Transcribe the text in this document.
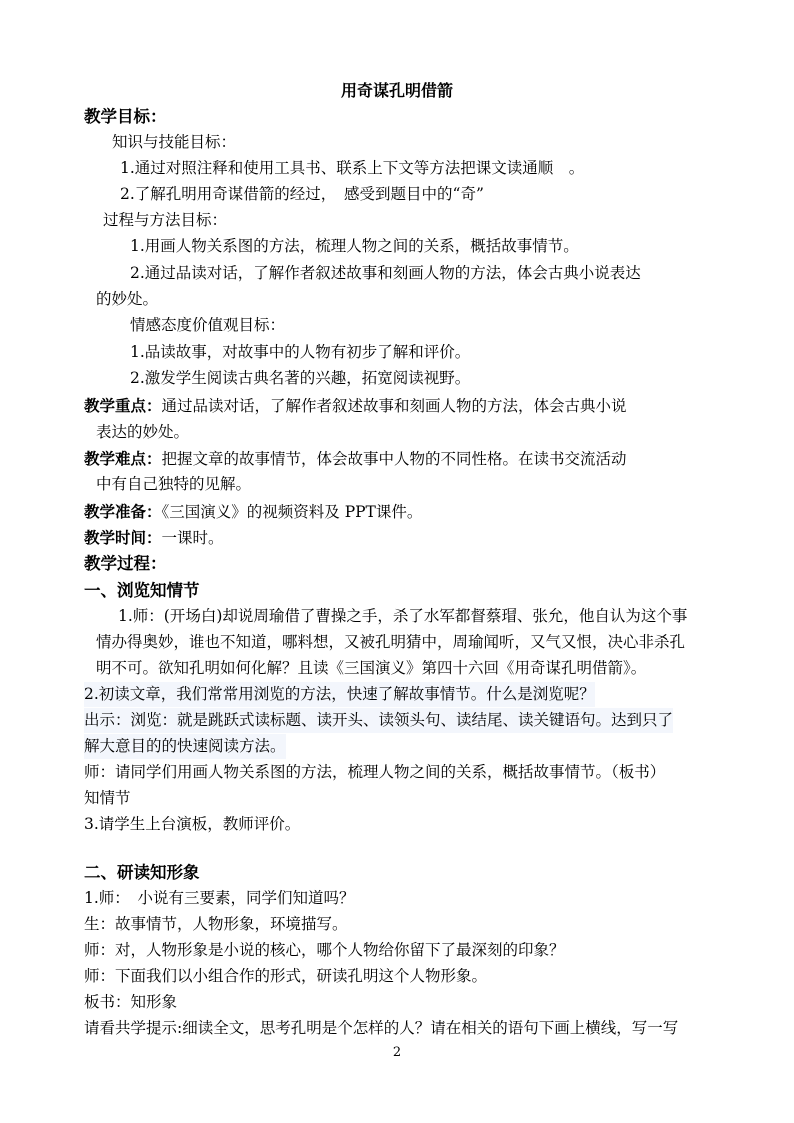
用奇谋孔明借箭
教学目标：
知识与技能目标：
1.通过对照注释和使用工具书、联系上下文等方法把课文读通顺　。
2.了解孔明用奇谋借箭的经过，　感受到题目中的“奇”
过程与方法目标：
1.用画人物关系图的方法，梳理人物之间的关系，概括故事情节。
2.通过品读对话，了解作者叙述故事和刻画人物的方法，体会古典小说表达
的妙处。
情感态度价值观目标：
1.品读故事，对故事中的人物有初步了解和评价。
2.激发学生阅读古典名著的兴趣，拓宽阅读视野。
教学重点：通过品读对话，了解作者叙述故事和刻画人物的方法，体会古典小说
表达的妙处。
教学难点：把握文章的故事情节，体会故事中人物的不同性格。在读书交流活动
中有自己独特的见解。
教学准备：《三国演义》的视频资料及 PPT课件。
教学时间：一课时。
教学过程：
一、浏览知情节
1.师：(开场白)却说周瑜借了曹操之手，杀了水军都督蔡瑁、张允，他自认为这个事
情办得奥妙，谁也不知道，哪料想，又被孔明猜中，周瑜闻听，又气又恨，决心非杀孔
明不可。欲知孔明如何化解？且读《三国演义》第四十六回《用奇谋孔明借箭》。
2.初读文章，我们常常用浏览的方法，快速了解故事情节。什么是浏览呢？
出示：浏览：就是跳跃式读标题、读开头、读领头句、读结尾、读关键语句。达到只了
解大意目的的快速阅读方法。
师：请同学们用画人物关系图的方法，梳理人物之间的关系，概括故事情节。（板书）
知情节
3.请学生上台演板，教师评价。
二、研读知形象
1.师：　小说有三要素，同学们知道吗？
生：故事情节，人物形象，环境描写。
师：对，人物形象是小说的核心，哪个人物给你留下了最深刻的印象？
师：下面我们以小组合作的形式，研读孔明这个人物形象。
板书：知形象
请看共学提示:细读全文，思考孔明是个怎样的人？请在相关的语句下画上横线，写一写
2
